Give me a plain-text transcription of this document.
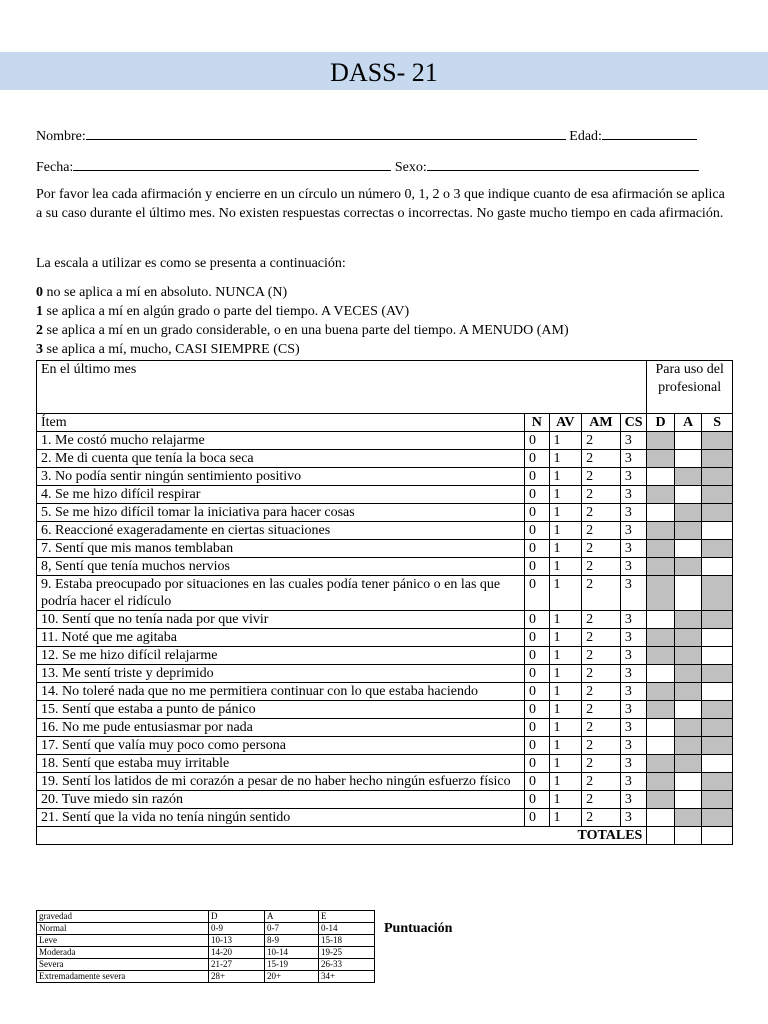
DASS- 21
Nombre:	Edad:
Fecha:	Sexo:
Por favor lea cada afirmación y encierre en un círculo un número 0, 1, 2 o 3 que indique cuanto de esa afirmación se aplica a su caso durante el último mes. No existen respuestas correctas o incorrectas. No gaste mucho tiempo en cada afirmación.
La escala a utilizar es como se presenta a continuación:
0 no se aplica a mí en absoluto. NUNCA (N)
1 se aplica a mí en algún grado o parte del tiempo. A VECES (AV)
2 se aplica a mí en un grado considerable, o en una buena parte del tiempo. A MENUDO (AM)
3 se aplica a mí, mucho, CASI SIEMPRE (CS)
En el último mes					Para uso del profesional		
Ítem	N	AV	AM	CS	D	A	S
1. Me costó mucho relajarme	0	1	2	3			
2. Me di cuenta que tenía la boca seca	0	1	2	3			
3. No podía sentir ningún sentimiento positivo	0	1	2	3			
4. Se me hizo difícil respirar	0	1	2	3			
5. Se me hizo difícil tomar la iniciativa para hacer cosas	0	1	2	3			
6. Reaccioné exageradamente en ciertas situaciones	0	1	2	3			
7. Sentí que mis manos temblaban	0	1	2	3			
8, Sentí que tenía muchos nervios	0	1	2	3			
9. Estaba preocupado por situaciones en las cuales podía tener pánico o en las que podría hacer el ridículo	0	1	2	3			
10. Sentí que no tenía nada por que vivir	0	1	2	3			
11. Noté que me agitaba	0	1	2	3			
12. Se me hizo difícil relajarme	0	1	2	3			
13. Me sentí triste y deprimido	0	1	2	3			
14. No toleré nada que no me permitiera continuar con lo que estaba haciendo	0	1	2	3			
15. Sentí que estaba a punto de pánico	0	1	2	3			
16. No me pude entusiasmar por nada	0	1	2	3			
17. Sentí que valía muy poco como persona	0	1	2	3			
18. Sentí que estaba muy irritable	0	1	2	3			
19. Sentí los latidos de mi corazón a pesar de no haber hecho ningún esfuerzo físico	0	1	2	3			
20. Tuve miedo sin razón	0	1	2	3			
21. Sentí que la vida no tenía ningún sentido	0	1	2	3			
TOTALES							
gravedad	D	A	E
Normal	0-9	0-7	0-14
Leve	10-13	8-9	15-18
Moderada	14-20	10-14	19-25
Severa	21-27	15-19	26-33
Extremadamente severa	28+	20+	34+
Puntuación
